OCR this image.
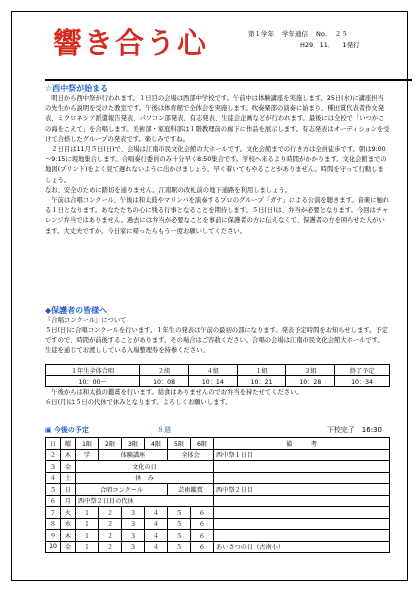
響き合う心	第１学年 学年通信 No. ２５
H29．11． 1発行
☆西中祭が始まる
　明日から西中祭が行われます。１日目の会場は西部中学校です。午前中は体験講座を実施します。25日(水)に講座担当の先生から説明を受けた教室です。午後は体育館で全体会を実施します。吹奏楽部の演奏に始まり、種田賞代表者作文発表、ミクロネシア派遣報告発表、パソコン部発表、有志発表、生徒会企画などが行われます。最後には全校で「いつかこの海をこえて」を合唱します。美術部・家庭科部は１階教理前の廊下に作品を展示します。有志発表はオーディションを受けて合格したグループの発表です。楽しみですね。
　２日目は11月５日(日)で、会場は江南市民文化会館の大ホールです。文化会館までの行き方は全員徒歩です。朝は9:00～9:15に現地集合します。合唱奏行委員のみ十分早く8:50集合です。学校へ来るより時間がかかります。文化会館までの地図(プリント)をよく見て遅れないように出かけましょう。早く着いてもやることがありません。時間を守って行動しましょう。
なお、安全のために踏切を通りません。江南駅の改札前の地下通路を利用しましょう。
　午前は合唱コンクール、午後は和太鼓やマリンバを演奏するプロのグループ「ガナ」による公演を聴きます。音楽に触れる１日となります。あなたたちの心に残る行事となることを期待します。５日(日)は、弁当が必要となります。今回はチャレンジ弁当ではありません。過去には弁当が必要なことを事前に保護者の方に伝えなくて、保護者の方を困らせた人がいます。大丈夫ですか。今日家に帰ったらもう一度お願いしてください。
◆保護者の皆様へ
『合唱コンクール』について
５日(日)に合唱コンクールを行います。１年生の発表は午前の最初の部になります。発表予定時間をお知らせします。予定ですので、時間が前後することがあります。その場合はご容赦ください。合唱の会場は江南市民文化会館大ホールです。生徒を通じてお渡ししている入場整理券を持参ください。
１年生全体合唱	２組	４組	１組	３組	終了予定
10：00～	10：08	10：14	10：21	10：28	10：34
　午後からは和太鼓の鑑賞を行います。給食はありませんのでお弁当を持たせてください。
６日(月)は５日の代休で休みとなります。よろしくお願いします。
▣ 今後の予定	８週	下校完了　16:30
日	曜	1限	2限	3限	4限	5限	6限	備　　　考
２	木	学	体験講座			全体会		西中祭１日目
３	金	文化の日						
４	土	休　み						
５	日	合唱コンクール				芸術鑑賞		西中祭２日目
６	月	西中祭２日目の代休						
７	火	１	２	３	４	５	６	
８	水	１	２	３	４	５	６	
９	木	１	２	３	４	５	６	
10	金	１	２	３	４	５	６	あいさつの日（古南小）
